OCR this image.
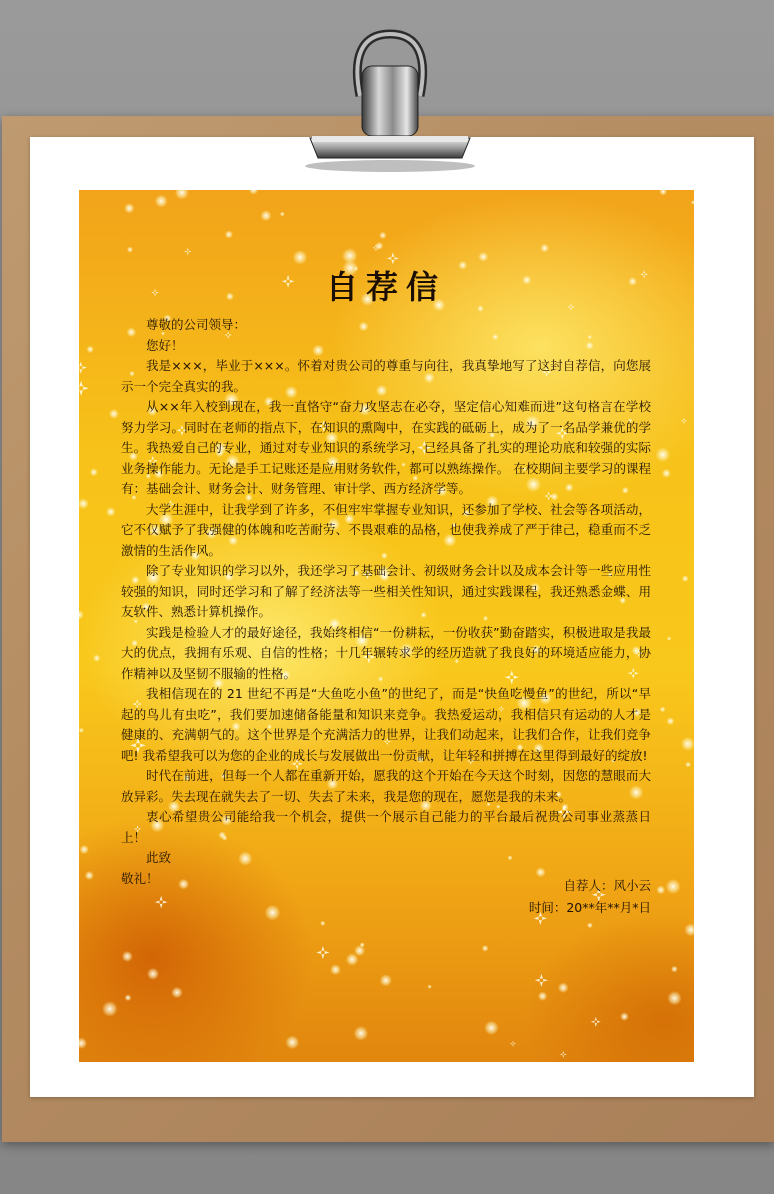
自荐信

尊敬的公司领导：

您好！

我是×××，毕业于×××。怀着对贵公司的尊重与向往，我真挚地写了这封自荐信，向您展示一个完全真实的我。

从××年入校到现在，我一直恪守“奋力攻坚志在必夺，坚定信心知难而进”这句格言在学校努力学习。同时在老师的指点下，在知识的熏陶中，在实践的砥砺上，成为了一名品学兼优的学生。我热爱自己的专业，通过对专业知识的系统学习，已经具备了扎实的理论功底和较强的实际业务操作能力。无论是手工记账还是应用财务软件，都可以熟练操作。 在校期间主要学习的课程有：基础会计、财务会计、财务管理、审计学、西方经济学等。

大学生涯中，让我学到了许多，不但牢牢掌握专业知识，还参加了学校、社会等各项活动，它不仅赋予了我强健的体魄和吃苦耐劳、不畏艰难的品格，也使我养成了严于律己，稳重而不乏激情的生活作风。

除了专业知识的学习以外，我还学习了基础会计、初级财务会计以及成本会计等一些应用性较强的知识，同时还学习和了解了经济法等一些相关性知识，通过实践课程，我还熟悉金蝶、用友软件、熟悉计算机操作。

实践是检验人才的最好途径，我始终相信“一份耕耘，一份收获”勤奋踏实，积极进取是我最大的优点，我拥有乐观、自信的性格；十几年辗转求学的经历造就了我良好的环境适应能力，协作精神以及坚韧不服输的性格。

我相信现在的 21 世纪不再是“大鱼吃小鱼”的世纪了，而是“快鱼吃慢鱼”的世纪，所以“早起的鸟儿有虫吃”，我们要加速储备能量和知识来竞争。我热爱运动，我相信只有运动的人才是健康的、充满朝气的。这个世界是个充满活力的世界，让我们动起来，让我们合作，让我们竞争吧! 我希望我可以为您的企业的成长与发展做出一份贡献，让年轻和拼搏在这里得到最好的绽放!

时代在前进，但每一个人都在重新开始，愿我的这个开始在今天这个时刻，因您的慧眼而大放异彩。失去现在就失去了一切、失去了未来，我是您的现在，愿您是我的未来。

衷心希望贵公司能给我一个机会，提供一个展示自己能力的平台最后祝贵公司事业蒸蒸日上！

此致

敬礼！	自荐人：风小云
时间：20**年**月*日
